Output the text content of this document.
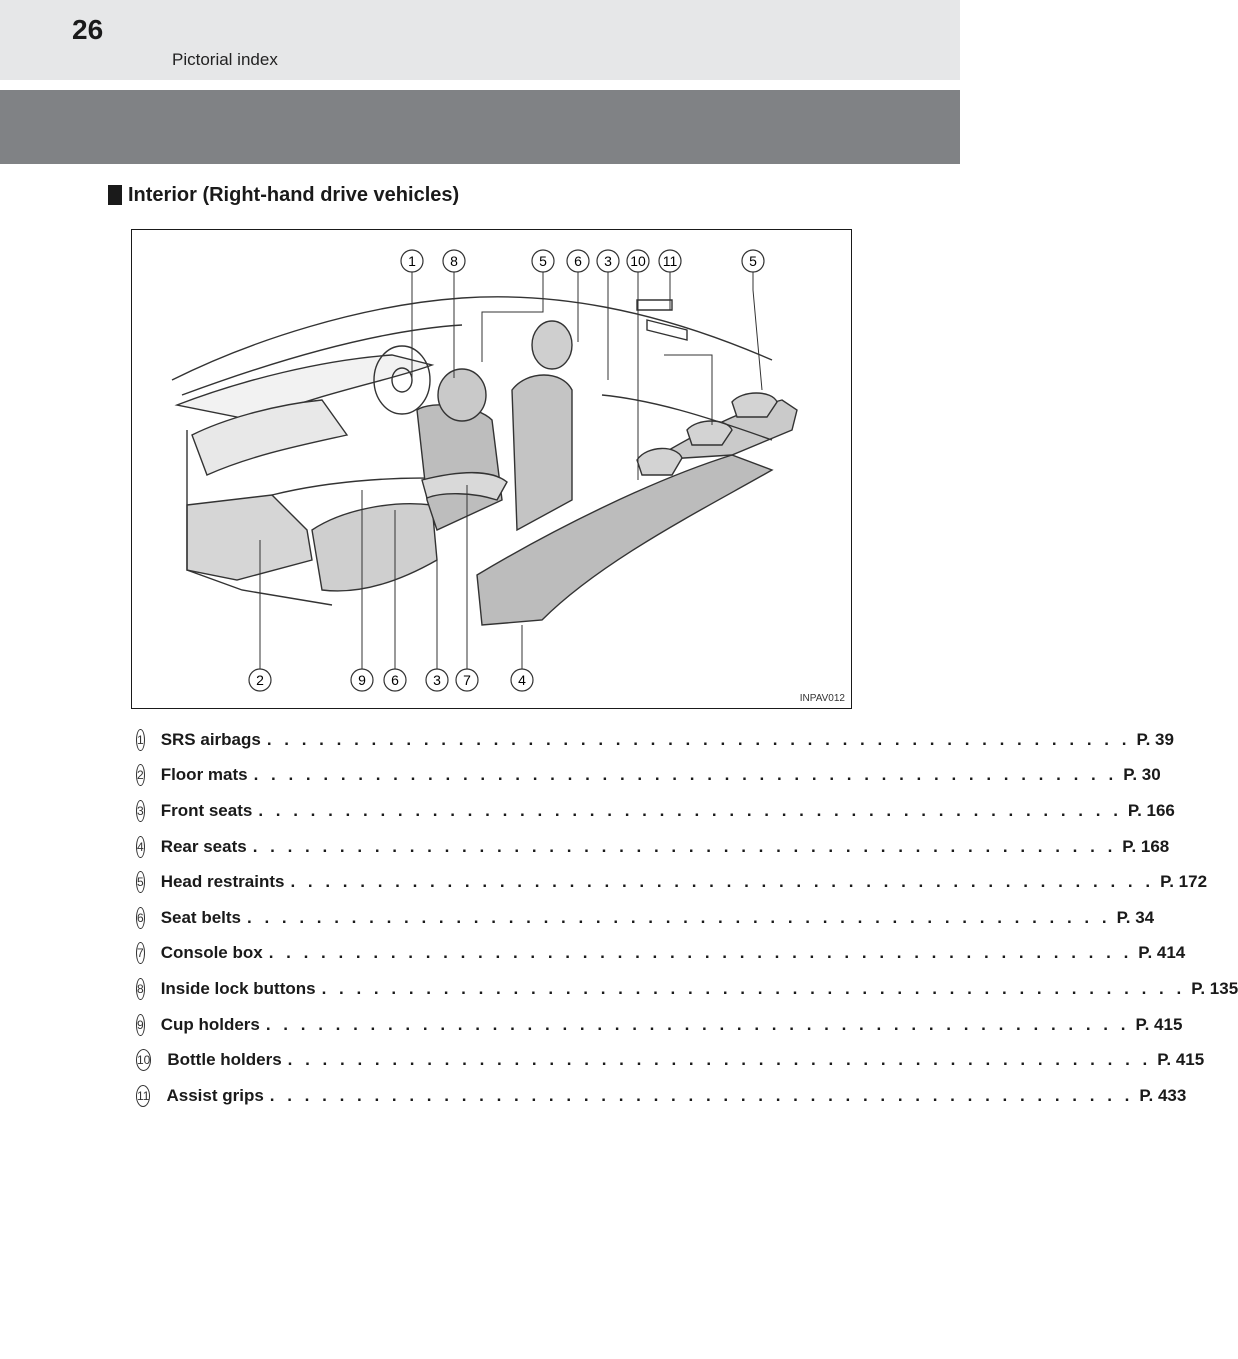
26
Pictorial index
Interior (Right-hand drive vehicles)
1 8	5 6 3 10 11	5
2	9 6 3 7	4
INPAV012
1 SRS airbags . . . . . . . . . . . . . . . . . . . . . . . . . . . . . . . . . . . . . . . . . . . . . . . . . . P. 39
2 Floor mats . . . . . . . . . . . . . . . . . . . . . . . . . . . . . . . . . . . . . . . . . . . . . . . . . . P. 30
3 Front seats . . . . . . . . . . . . . . . . . . . . . . . . . . . . . . . . . . . . . . . . . . . . . . . . . . P. 166
4 Rear seats . . . . . . . . . . . . . . . . . . . . . . . . . . . . . . . . . . . . . . . . . . . . . . . . . . P. 168
5 Head restraints . . . . . . . . . . . . . . . . . . . . . . . . . . . . . . . . . . . . . . . . . . . . . . . . . . P. 172
6 Seat belts . . . . . . . . . . . . . . . . . . . . . . . . . . . . . . . . . . . . . . . . . . . . . . . . . . P. 34
7 Console box . . . . . . . . . . . . . . . . . . . . . . . . . . . . . . . . . . . . . . . . . . . . . . . . . . P. 414
8 Inside lock buttons . . . . . . . . . . . . . . . . . . . . . . . . . . . . . . . . . . . . . . . . . . . . . . . . . . P. 135
9 Cup holders . . . . . . . . . . . . . . . . . . . . . . . . . . . . . . . . . . . . . . . . . . . . . . . . . . P. 415
10 Bottle holders . . . . . . . . . . . . . . . . . . . . . . . . . . . . . . . . . . . . . . . . . . . . . . . . . . P. 415
11 Assist grips . . . . . . . . . . . . . . . . . . . . . . . . . . . . . . . . . . . . . . . . . . . . . . . . . . P. 433
